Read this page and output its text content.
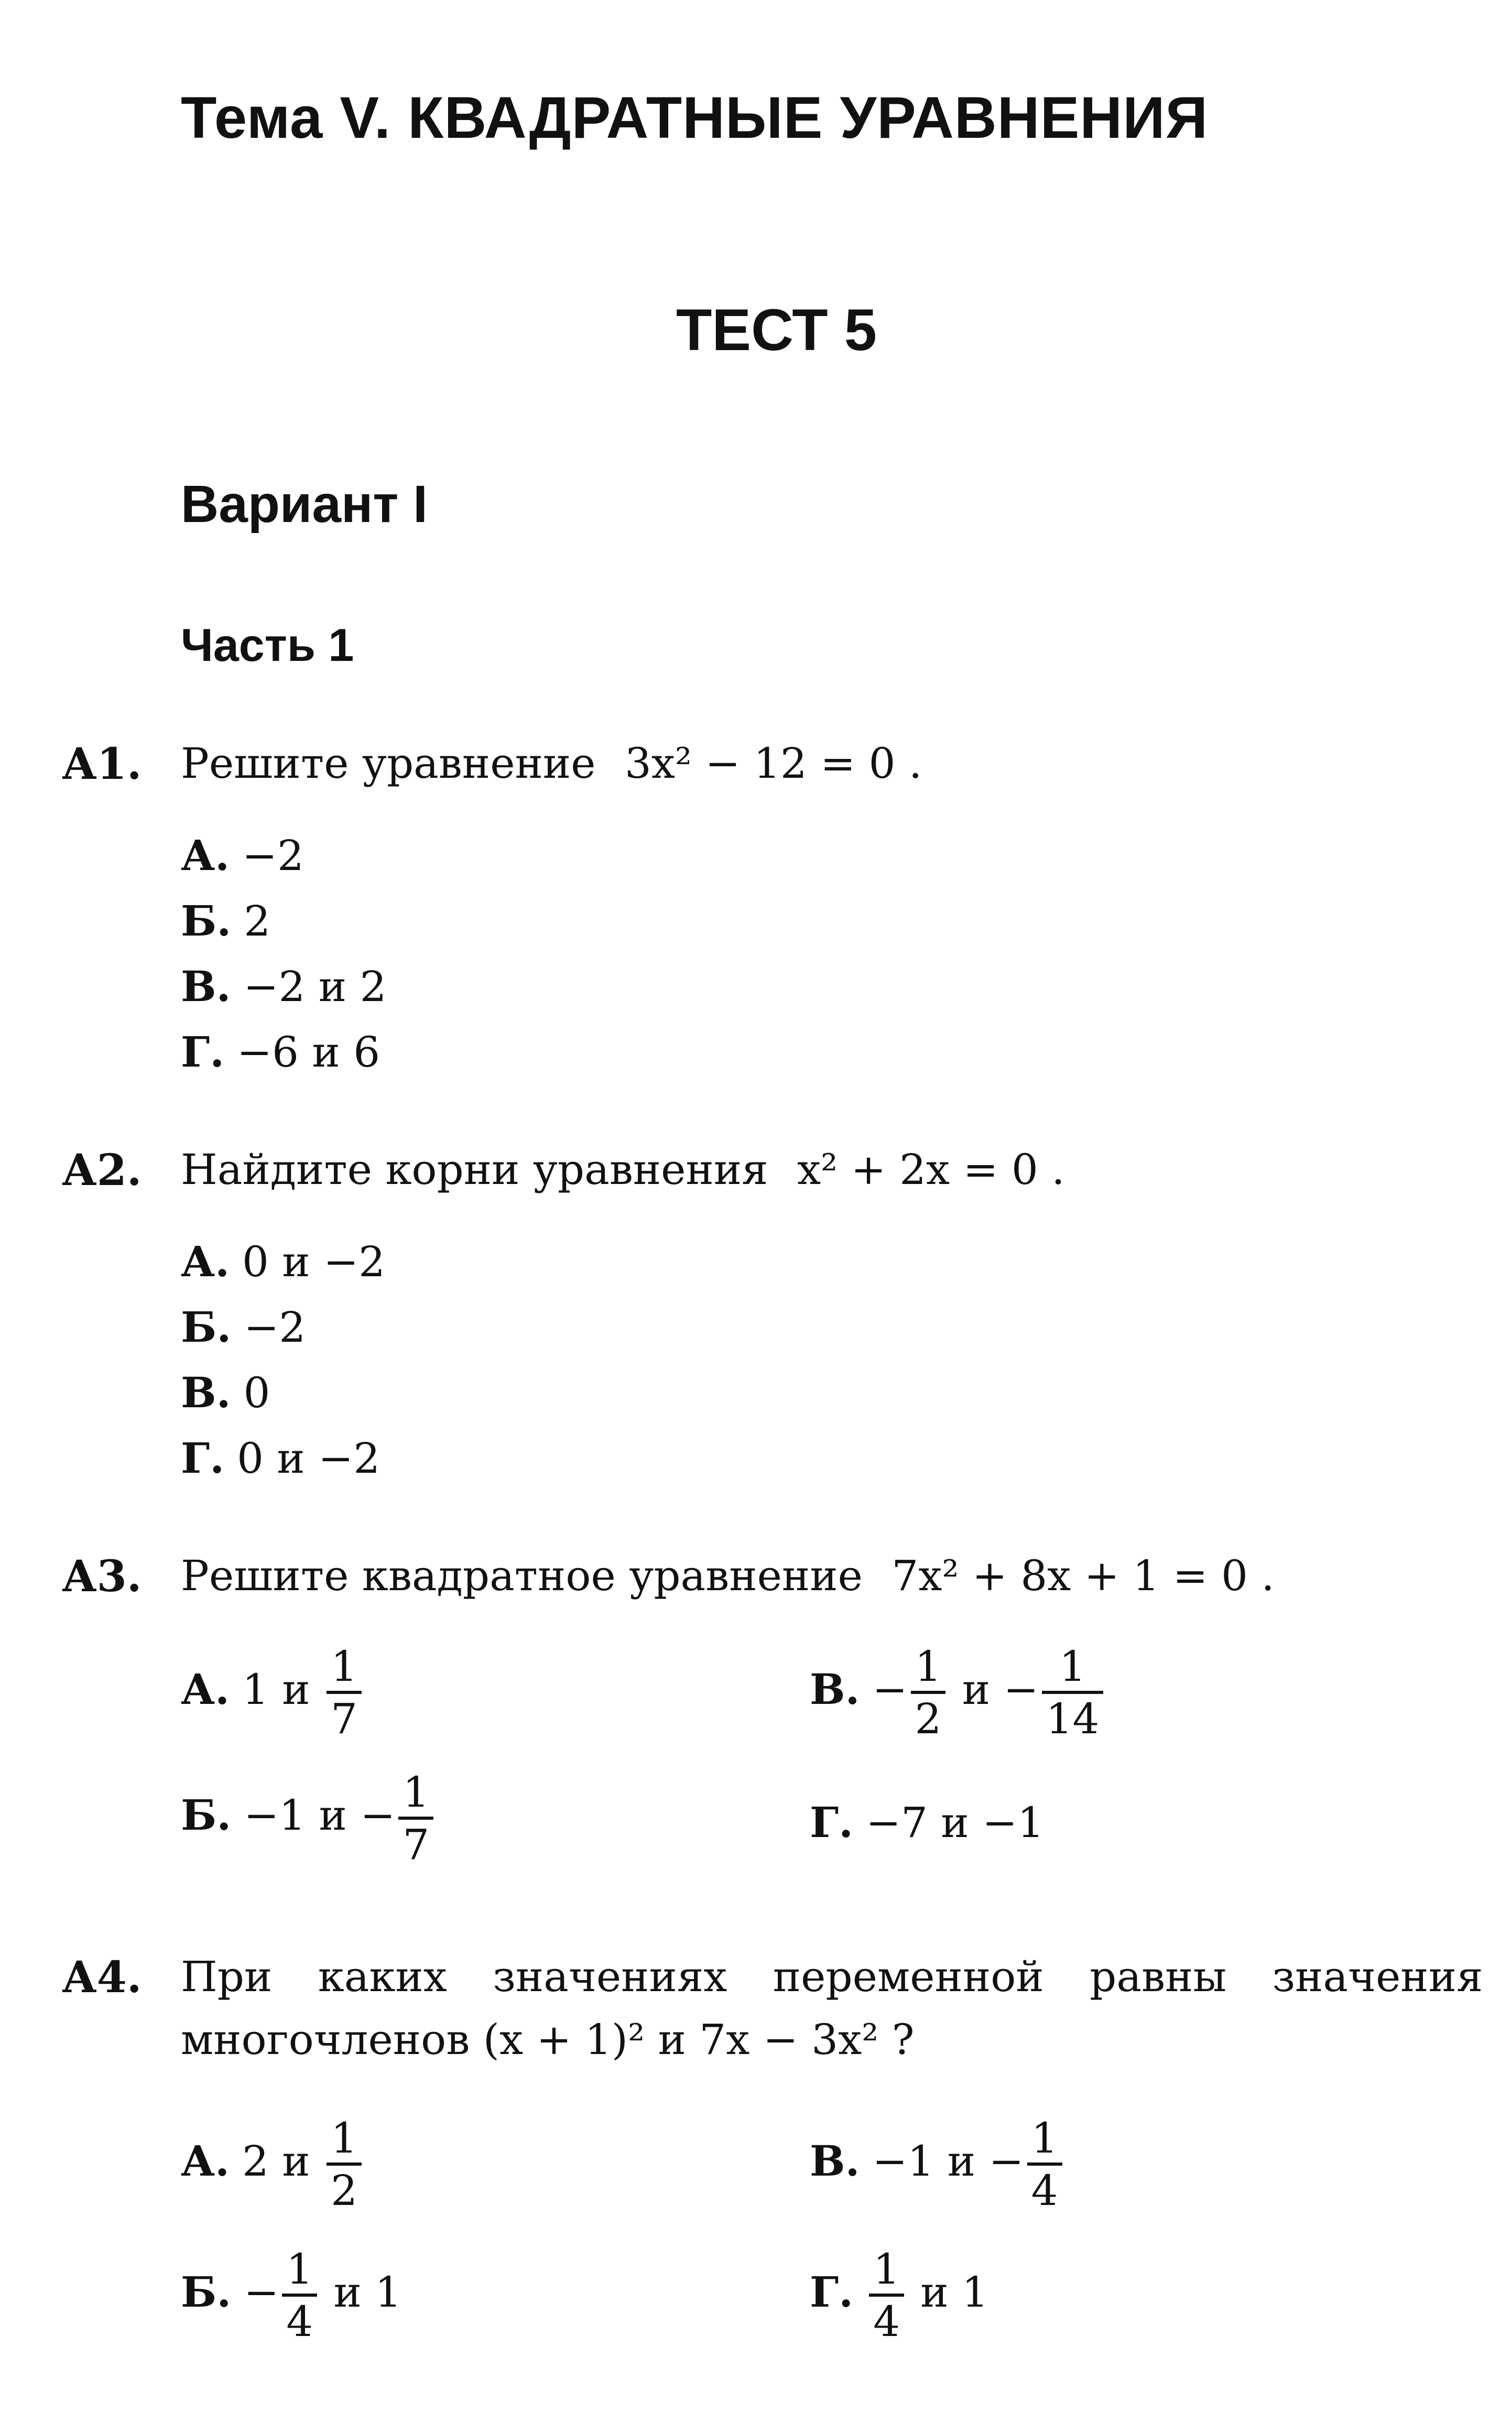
Тема V. КВАДРАТНЫЕ УРАВНЕНИЯ
ТЕСТ 5
Вариант I
Часть 1
А1. Решите уравнение 3x² − 12 = 0 .
А. −2
Б. 2
В. −2 и 2
Г. −6 и 6
А2. Найдите корни уравнения x² + 2x = 0 .
А. 0 и −2
Б. −2
В. 0
Г. 0 и −2
А3. Решите квадратное уравнение 7x² + 8x + 1 = 0 .
А. 1 и $\frac{1}{7}$	В. − $\frac{1}{2}$ $и - \frac{1}{14}$
Б. −1 $и - \frac{1}{7}$	Г. −7 и −1
А4. При каких значениях переменной равны значения
многочленов (x + 1)² и 7x − 3x² ?
А. 2 и $\frac{1}{2}$	В. −1 $и - \frac{1}{4}$
Б. − $\frac{1}{4}$ и 1	Г. $\frac{1}{4}$ и 1
